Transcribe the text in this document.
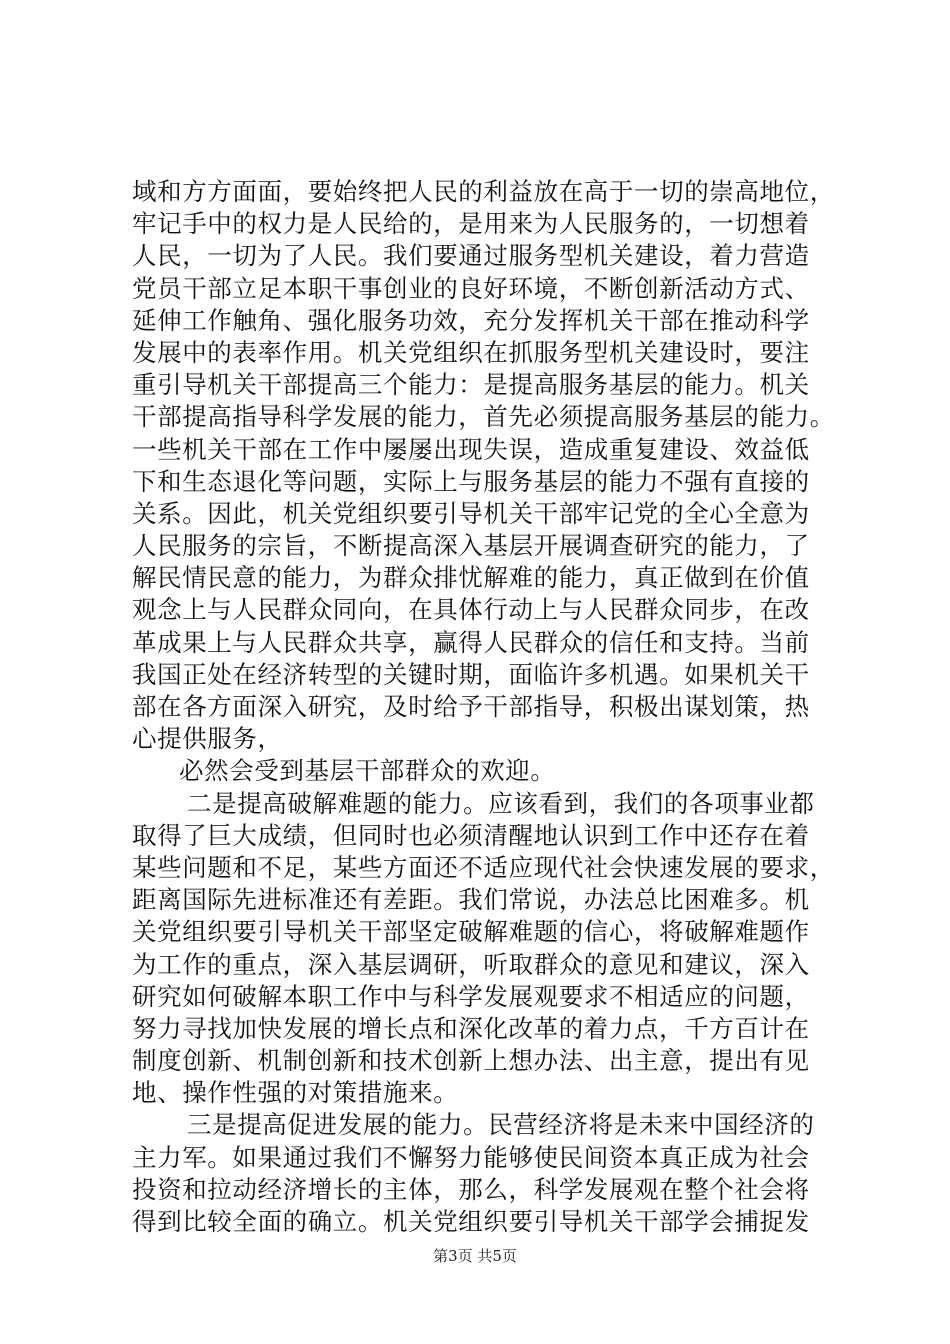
域和方方面面，要始终把人民的利益放在高于一切的崇高地位，
牢记手中的权力是人民给的，是用来为人民服务的，一切想着
人民，一切为了人民。我们要通过服务型机关建设，着力营造
党员干部立足本职干事创业的良好环境，不断创新活动方式、
延伸工作触角、强化服务功效，充分发挥机关干部在推动科学
发展中的表率作用。机关党组织在抓服务型机关建设时，要注
重引导机关干部提高三个能力：是提高服务基层的能力。机关
干部提高指导科学发展的能力，首先必须提高服务基层的能力。
一些机关干部在工作中屡屡出现失误，造成重复建设、效益低
下和生态退化等问题，实际上与服务基层的能力不强有直接的
关系。因此，机关党组织要引导机关干部牢记党的全心全意为
人民服务的宗旨，不断提高深入基层开展调查研究的能力，了
解民情民意的能力，为群众排忧解难的能力，真正做到在价值
观念上与人民群众同向，在具体行动上与人民群众同步，在改
革成果上与人民群众共享，赢得人民群众的信任和支持。当前
我国正处在经济转型的关键时期，面临许多机遇。如果机关干
部在各方面深入研究，及时给予干部指导，积极出谋划策，热
心提供服务，
必然会受到基层干部群众的欢迎。
二是提高破解难题的能力。应该看到，我们的各项事业都
取得了巨大成绩，但同时也必须清醒地认识到工作中还存在着
某些问题和不足，某些方面还不适应现代社会快速发展的要求，
距离国际先进标准还有差距。我们常说，办法总比困难多。机
关党组织要引导机关干部坚定破解难题的信心，将破解难题作
为工作的重点，深入基层调研，听取群众的意见和建议，深入
研究如何破解本职工作中与科学发展观要求不相适应的问题，
努力寻找加快发展的增长点和深化改革的着力点，千方百计在
制度创新、机制创新和技术创新上想办法、出主意，提出有见
地、操作性强的对策措施来。
三是提高促进发展的能力。民营经济将是未来中国经济的
主力军。如果通过我们不懈努力能够使民间资本真正成为社会
投资和拉动经济增长的主体，那么，科学发展观在整个社会将
得到比较全面的确立。机关党组织要引导机关干部学会捕捉发
第3页 共5页
